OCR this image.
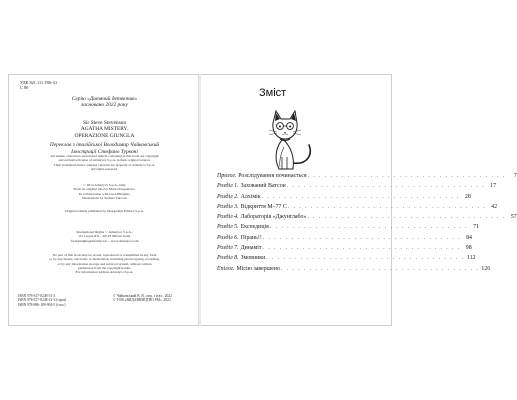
УДК 821.111.3'06-31
С 80
Серію «Дитячий детектив»
засновано 2022 року
Sir Steve Stevenson
AGATHA MISTERY.
OPERAZIONE GIUNGLA
Переклав з італійської Володимир Чайковський
Ілюстрації Стефано Турконі
All names, characters and related indicia contained in this book are copyright
and exclusive license of Atlantyca S.p.A. in their original version.
Their translated and/or adapted versions are property of Atlantyca S.p.A.
All rights reserved.
© 2014 Atlantyca S.p.A., Italy
From an original idea by Mario Pasqualotto.
In collaboration with Luca Blengino
Illustrations by Stefano Turconi
Original edition published by DeAgostini Editore S.p.A.
International Rights © Atlantyca S.p.A.,
via Leopardi 8 – 20123 Milano Italia
foreignrights@atlantyca.it – www.atlantyca.com
No part of this book may be stored, reproduced or transmitted in any form
or by any means, electronic or mechanical, including photocopying, recording,
or by any information storage and retrieval system, without written
permission from the copyright holder.
For information address Atlantyca S.p.A.
ISBN 978-617-8248-51-3
ISBN 978-617-8248-12-3 (серія)
ISBN 978-886-189-904-5 (італ.)
© Чайковський В. В., пер. з італ., 2022
© ТОВ «ВИДАВНИЦТВО РМ», 2022
Зміст
Пролог. Розслідування починається . . . . . . . . . . . . . . . . . . . . . . . . . . . . . . . . . . .	7
Розділ 1. Захований Ватсон . . . . . . . . . . . . . . . . . . . . . . . . . . . . . . . . . . . 17
Розділ 2. Алхімік . . . . . . . . . . . . . . . . . . . . . . . . . . . . . . . . . . . 28
Розділ 3. Відкриття М–77 С . . . . . . . . . . . . . . . . . . . . . . . . . . . . . . . . . . . 42
Розділ 4. Лабораторія «Джунглабо» . . . . . . . . . . . . . . . . . . . . . . . . . . . . . . . . . . . 57
Розділ 5. Експедиція . . . . . . . . . . . . . . . . . . . . . . . . . . . . . . . . . . . 71
Розділ 6. Пірань!! . . . . . . . . . . . . . . . . . . . . . . . . . . . . . . . . . . . 84
Розділ 7. Динаміт . . . . . . . . . . . . . . . . . . . . . . . . . . . . . . . . . . . 98
Розділ 8. Змовники . . . . . . . . . . . . . . . . . . . . . . . . . . . . . . . . . . . 112
Епілог. Місію завершено . . . . . . . . . . . . . . . . . . . . . . . . . . . . . . . . . . . 126
